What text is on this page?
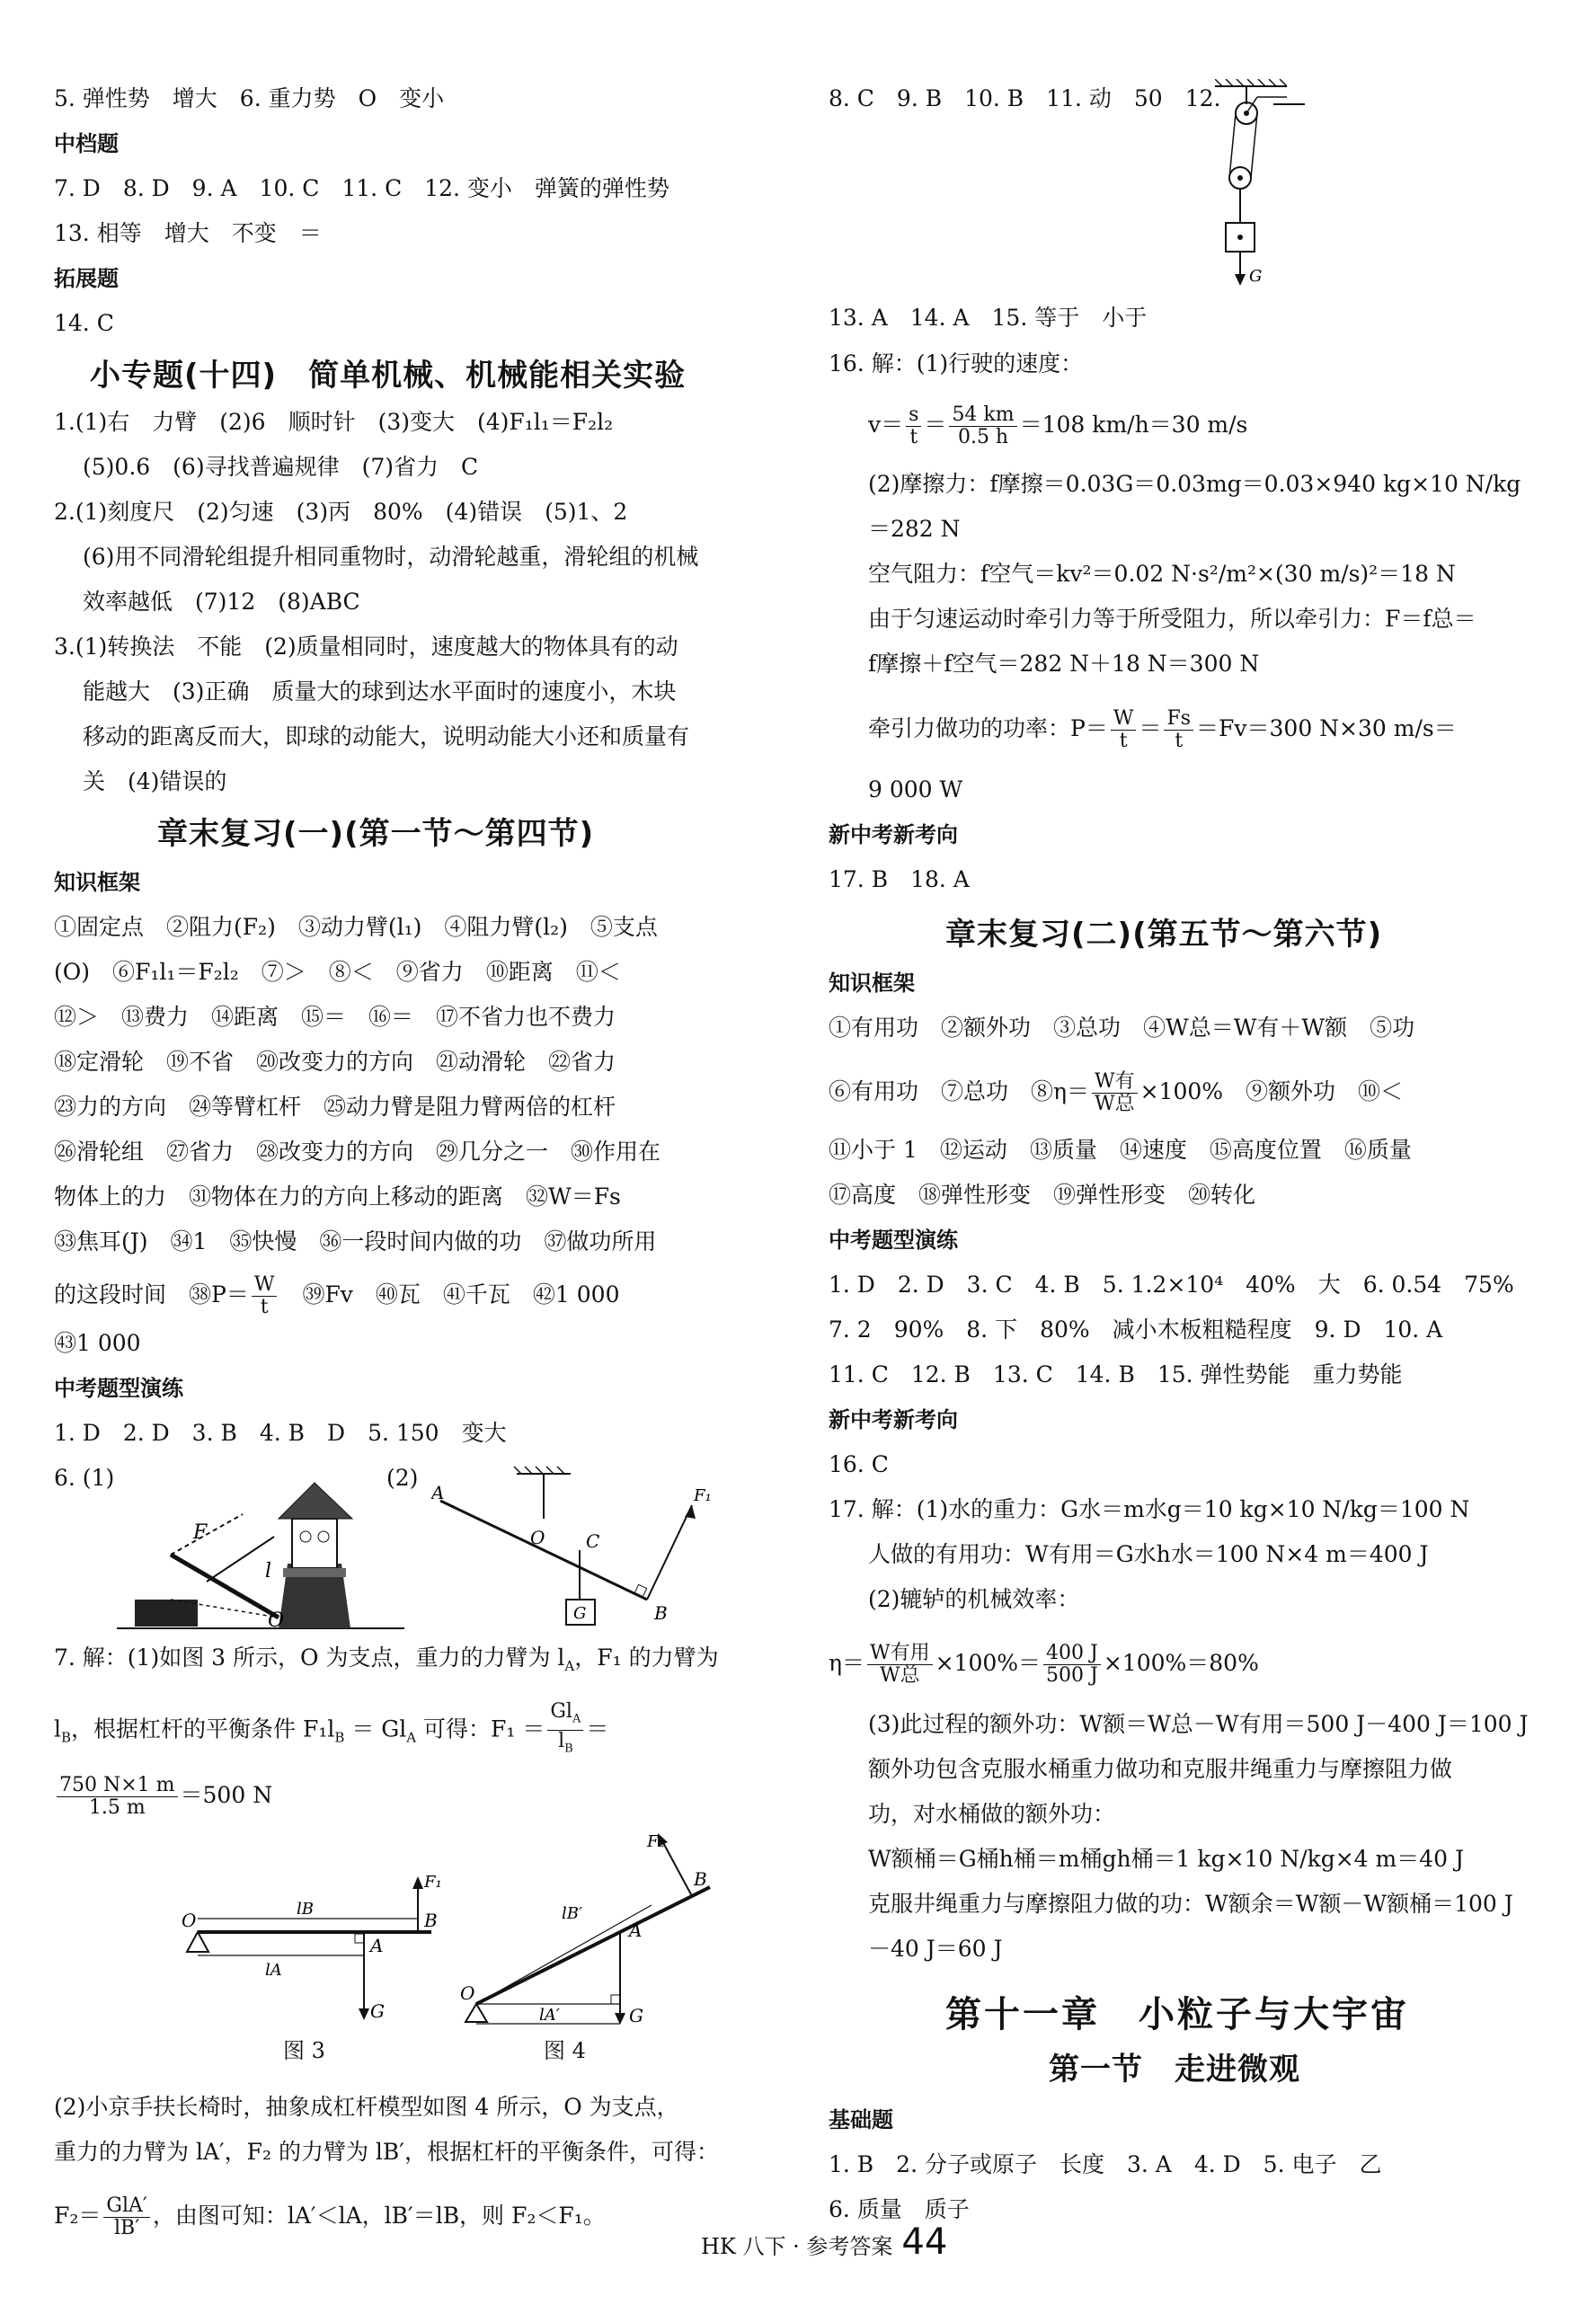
5. 弹性势　增大　6. 重力势　O　变小
中档题
7. D　8. D　9. A　10. C　11. C　12. 变小　弹簧的弹性势
13. 相等　增大　不变　＝
拓展题
14. C
小专题(十四)　简单机械、机械能相关实验
1.(1)右　力臂　(2)6　顺时针　(3)变大　(4)F₁l₁＝F₂l₂
(5)0.6　(6)寻找普遍规律　(7)省力　C
2.(1)刻度尺　(2)匀速　(3)丙　80%　(4)错误　(5)1、2
(6)用不同滑轮组提升相同重物时，动滑轮越重，滑轮组的机械
效率越低　(7)12　(8)ABC
3.(1)转换法　不能　(2)质量相同时，速度越大的物体具有的动
能越大　(3)正确　质量大的球到达水平面时的速度小，木块
移动的距离反而大，即球的动能大，说明动能大小还和质量有
关　(4)错误的
章末复习(一)(第一节～第四节)
知识框架
①固定点　②阻力(F₂)　③动力臂(l₁)　④阻力臂(l₂)　⑤支点
(O)　⑥F₁l₁＝F₂l₂　⑦＞　⑧＜　⑨省力　⑩距离　⑪＜
⑫＞　⑬费力　⑭距离　⑮＝　⑯＝　⑰不省力也不费力
⑱定滑轮　⑲不省　⑳改变力的方向　㉑动滑轮　㉒省力
㉓力的方向　㉔等臂杠杆　㉕动力臂是阻力臂两倍的杠杆
㉖滑轮组　㉗省力　㉘改变力的方向　㉙几分之一　㉚作用在
物体上的力　㉛物体在力的方向上移动的距离　㉜W＝Fs
㉝焦耳(J)　㉞1　㉟快慢　㊱一段时间内做的功　㊲做功所用
的这段时间　㊳P＝ $\frac{W}{t}$ 　㊴Fv　㊵瓦　㊶千瓦　㊷1 000
㊸1 000
中考题型演练
1. D　2. D　3. B　4. B　D　5. 150　变大
6. (1)	(2)
F
l
O
A
O C
B
G
F₁
7. 解：(1)如图 3 所示，O 为支点，重力的力臂为 $l_A$，F₁ 的力臂为
$l_B$，根据杠杆的平衡条件 $F_1l_B = Gl_A$ 可得：$F_1 = \frac{Gl_A}{l_B}$ ＝
$\frac{750 N\times 1 m}{1.5 m} =500$ N
O
lB
B
A
lA
G
F₁
图 3
F₂
B
lB′
A
O
lA′	G
图 4
(2)小京手扶长椅时，抽象成杠杆模型如图 4 所示，O 为支点，
重力的力臂为 lA′，F₂ 的力臂为 lB′，根据杠杆的平衡条件，可得：
$F_2= \frac{\text{GlA′}}{lB'}$ ，由图可知：lA′＜lA，lB′＝lB，则 F₂＜F₁。
8. C　9. B　10. B　11. 动　50　12.
G
13. A　14. A　15. 等于　小于
16. 解：(1)行驶的速度：
$v= \frac{s}{t} = \frac{54 km}{0.5 h} =108$ km/h＝30 m/s
(2)摩擦力：f摩擦＝0.03G＝0.03mg＝0.03×940 kg×10 N/kg
＝282 N
空气阻力：f空气＝kv²＝0.02 N·s²/m²×(30 m/s)²＝18 N
由于匀速运动时牵引力等于所受阻力，所以牵引力：F＝f总＝
f摩擦＋f空气＝282 N＋18 N＝300 N
牵引力做功的功率：$P= \frac{W}{t} = \frac{Fs}{t} =Fv=300$ N×30 m/s＝
9 000 W
新中考新考向
17. B　18. A
章末复习(二)(第五节～第六节)
知识框架
①有用功　②额外功　③总功　④W总＝W有＋W额　⑤功
⑥有用功　⑦总功　⑧η＝ $\frac{\text{W有}}{\text{W总}} \times 100\%$　⑨额外功　⑩＜
⑪小于 1　⑫运动　⑬质量　⑭速度　⑮高度位置　⑯质量
⑰高度　⑱弹性形变　⑲弹性形变　⑳转化
中考题型演练
1. D　2. D　3. C　4. B　5. 1.2×10⁴　40%　大　6. 0.54　75%
7. 2　90%　8. 下　80%　减小木板粗糙程度　9. D　10. A
11. C　12. B　13. C　14. B　15. 弹性势能　重力势能
新中考新考向
16. C
17. 解：(1)水的重力：G水＝m水g＝10 kg×10 N/kg＝100 N
人做的有用功：W有用＝G水h水＝100 N×4 m＝400 J
(2)辘轳的机械效率：
$\eta= \frac{\text{W有用}}{\text{W总}} \times 100\%= \frac{400 J}{500 J} \times 100\%=80\%$
(3)此过程的额外功：W额＝W总－W有用＝500 J－400 J＝100 J
额外功包含克服水桶重力做功和克服井绳重力与摩擦阻力做
功，对水桶做的额外功：
W额桶＝G桶h桶＝m桶gh桶＝1 kg×10 N/kg×4 m＝40 J
克服井绳重力与摩擦阻力做的功：W额余＝W额－W额桶＝100 J
－40 J＝60 J
第十一章　小粒子与大宇宙
第一节　走进微观
基础题
1. B　2. 分子或原子　长度　3. A　4. D　5. 电子　乙
6. 质量　质子
HK 八下 · 参考答案 44
